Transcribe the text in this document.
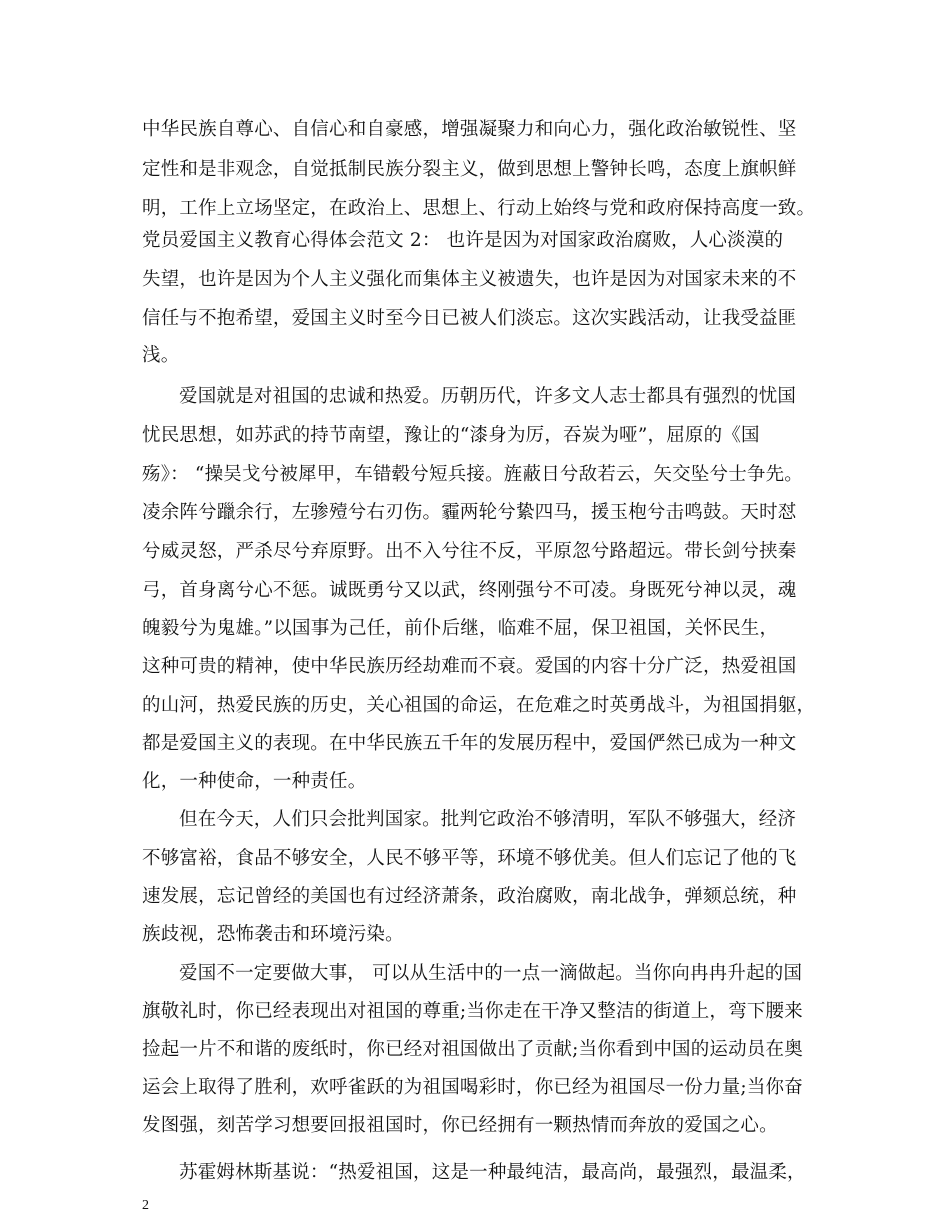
中华民族自尊心、自信心和自豪感，增强凝聚力和向心力，强化政治敏锐性、坚
定性和是非观念，自觉抵制民族分裂主义，做到思想上警钟长鸣，态度上旗帜鲜
明，工作上立场坚定，在政治上、思想上、行动上始终与党和政府保持高度一致。
党员爱国主义教育心得体会范文 2： 也许是因为对国家政治腐败，人心淡漠的
失望，也许是因为个人主义强化而集体主义被遗失，也许是因为对国家未来的不
信任与不抱希望，爱国主义时至今日已被人们淡忘。这次实践活动，让我受益匪
浅。
爱国就是对祖国的忠诚和热爱。历朝历代，许多文人志士都具有强烈的忧国
忧民思想，如苏武的持节南望，豫让的“漆身为厉，吞炭为哑”，屈原的《国
殇》： “操吴戈兮被犀甲，车错毂兮短兵接。旌蔽日兮敌若云，矢交坠兮士争先。
凌余阵兮躐余行，左骖殪兮右刃伤。霾两轮兮絷四马，援玉枹兮击鸣鼓。天时怼
兮威灵怒，严杀尽兮弃原野。出不入兮往不反，平原忽兮路超远。带长剑兮挟秦
弓，首身离兮心不惩。诚既勇兮又以武，终刚强兮不可凌。身既死兮神以灵，魂
魄毅兮为鬼雄。”以国事为己任，前仆后继，临难不屈，保卫祖国，关怀民生，
这种可贵的精神，使中华民族历经劫难而不衰。爱国的内容十分广泛，热爱祖国
的山河，热爱民族的历史，关心祖国的命运，在危难之时英勇战斗，为祖国捐躯，
都是爱国主义的表现。在中华民族五千年的发展历程中，爱国俨然已成为一种文
化，一种使命，一种责任。
但在今天，人们只会批判国家。批判它政治不够清明，军队不够强大，经济
不够富裕，食品不够安全，人民不够平等，环境不够优美。但人们忘记了他的飞
速发展，忘记曾经的美国也有过经济萧条，政治腐败，南北战争，弹颏总统，种
族歧视，恐怖袭击和环境污染。
爱国不一定要做大事， 可以从生活中的一点一滴做起。当你向冉冉升起的国
旗敬礼时，你已经表现出对祖国的尊重;当你走在干净又整洁的街道上，弯下腰来
捡起一片不和谐的废纸时，你已经对祖国做出了贡献;当你看到中国的运动员在奥
运会上取得了胜利，欢呼雀跃的为祖国喝彩时，你已经为祖国尽一份力量;当你奋
发图强，刻苦学习想要回报祖国时，你已经拥有一颗热情而奔放的爱国之心。
苏霍姆林斯基说：“热爱祖国，这是一种最纯洁，最高尚，最强烈，最温柔，
2
